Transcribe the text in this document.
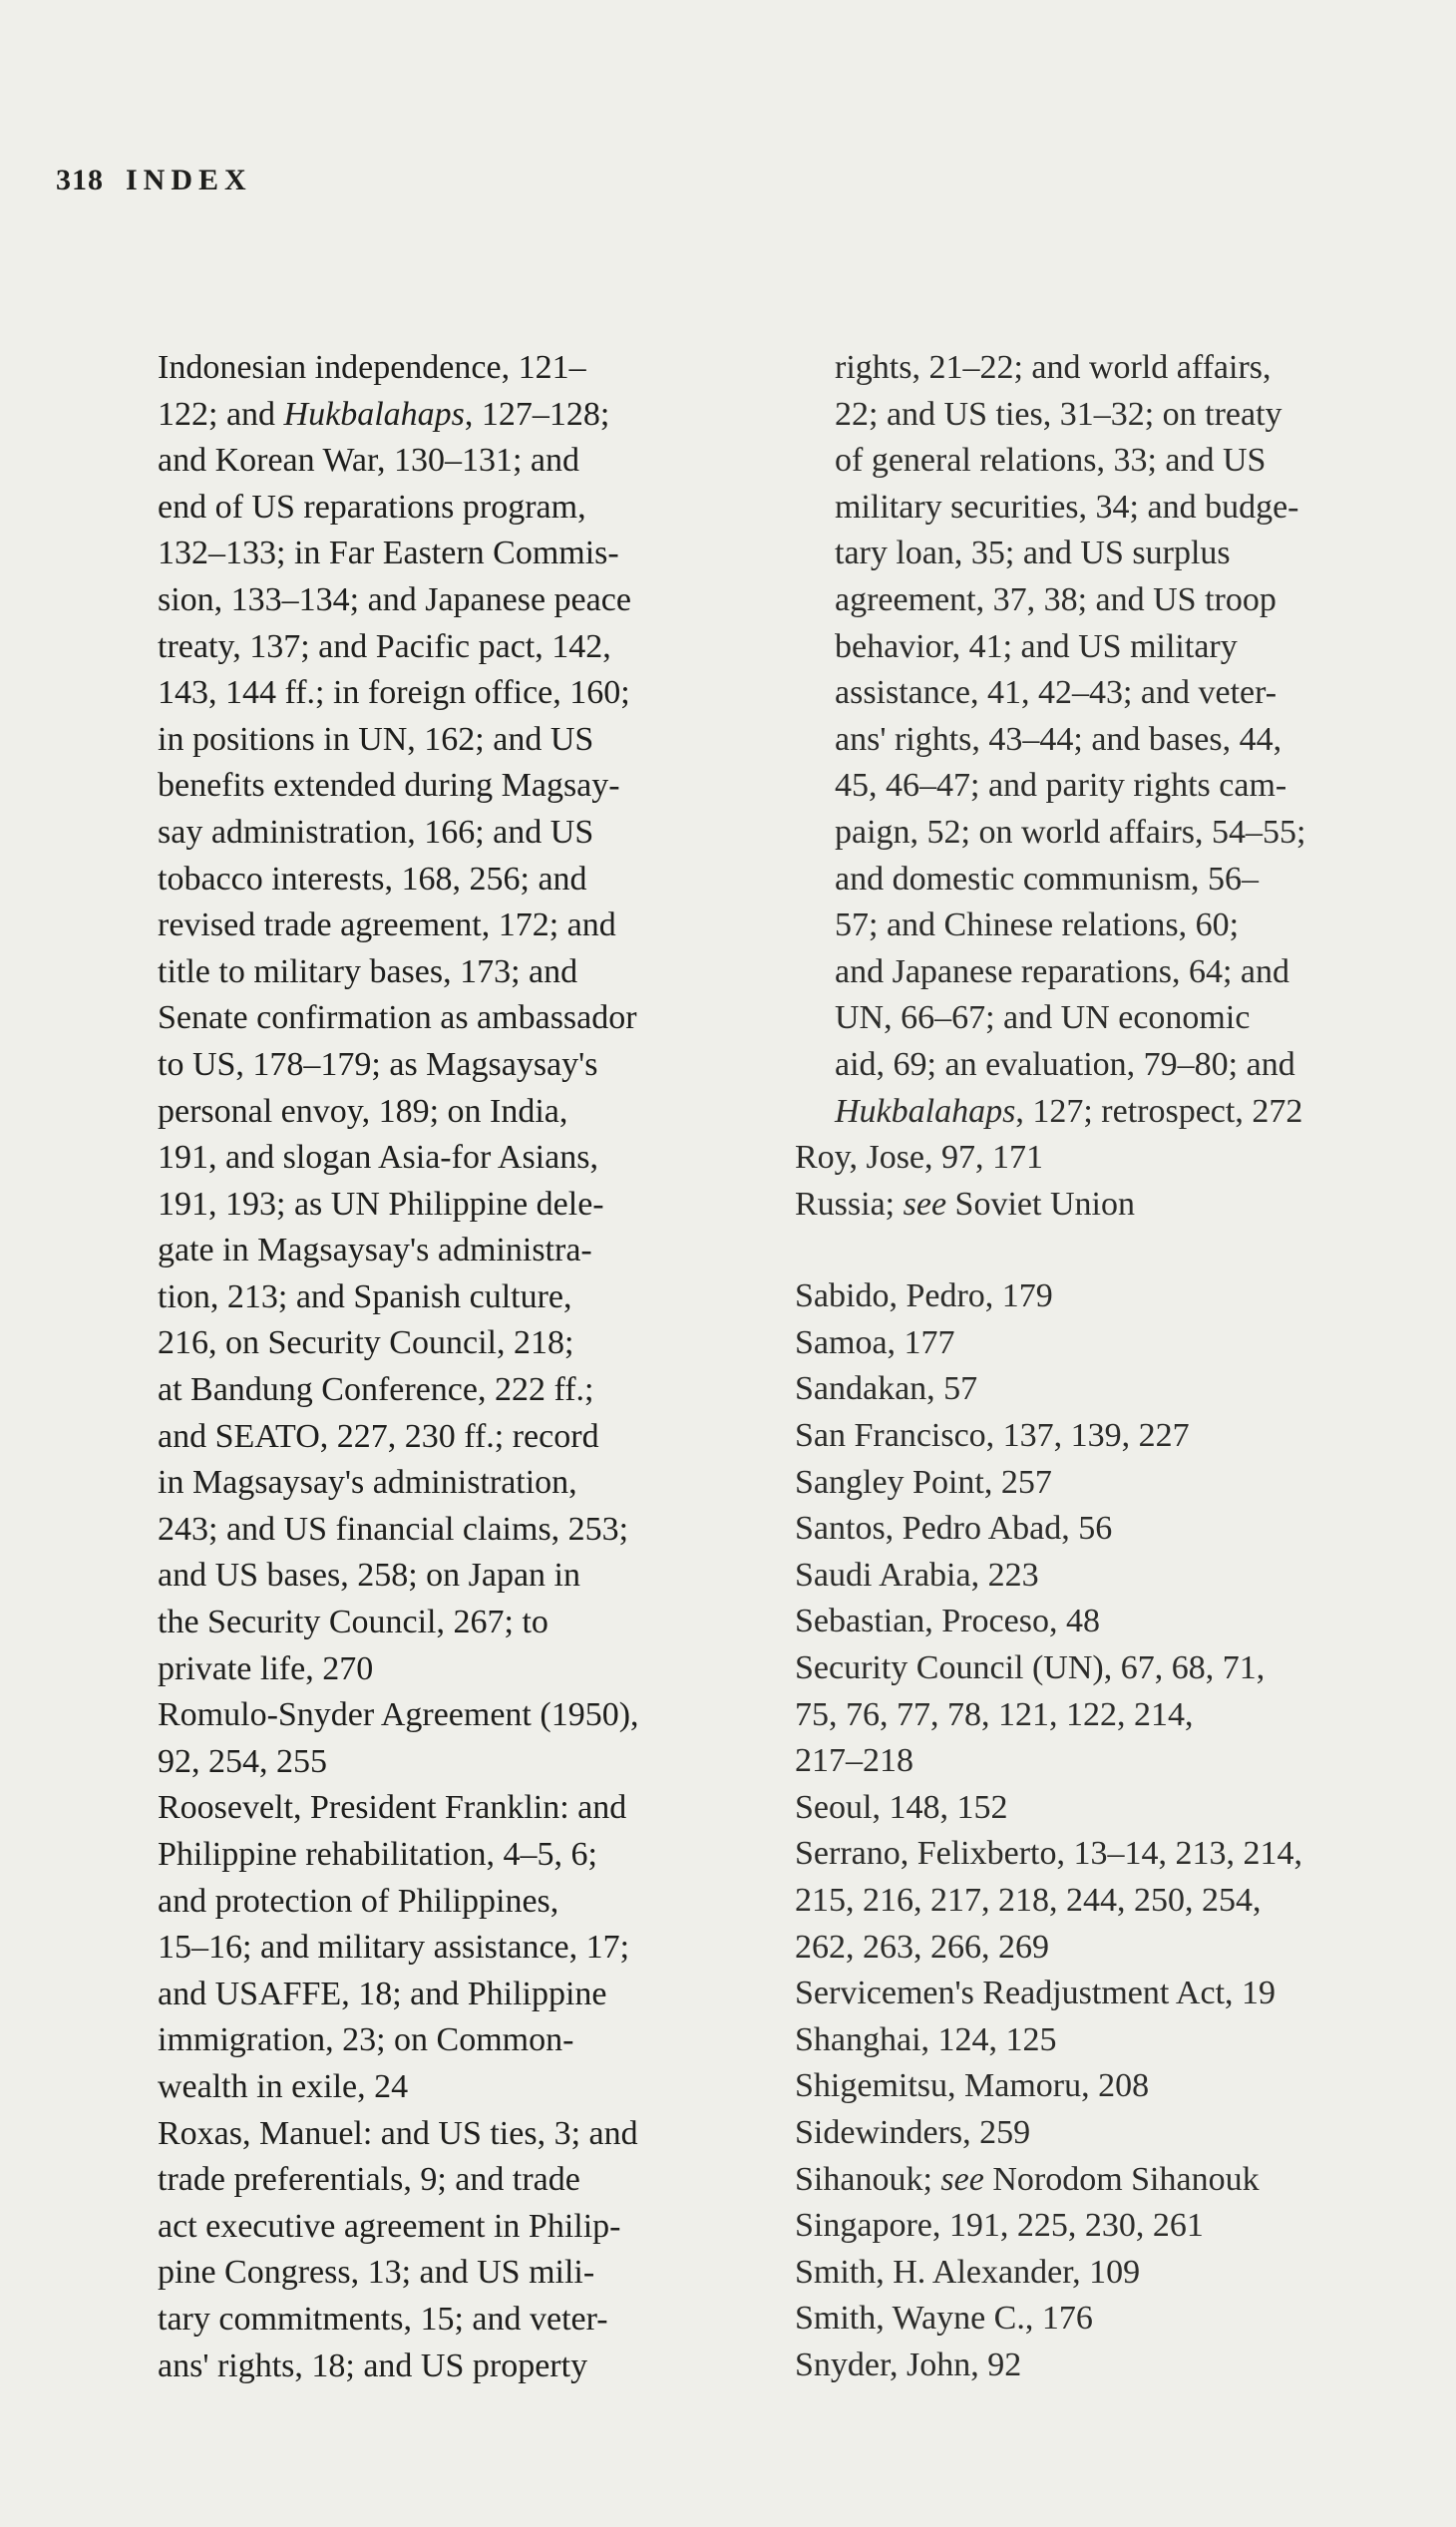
318 INDEX
Indonesian independence, 121–
122; and Hukbalahaps, 127–128;
and Korean War, 130–131; and
end of US reparations program,
132–133; in Far Eastern Commis-
sion, 133–134; and Japanese peace
treaty, 137; and Pacific pact, 142,
143, 144 ff.; in foreign office, 160;
in positions in UN, 162; and US
benefits extended during Magsay-
say administration, 166; and US
tobacco interests, 168, 256; and
revised trade agreement, 172; and
title to military bases, 173; and
Senate confirmation as ambassador
to US, 178–179; as Magsaysay's
personal envoy, 189; on India,
191, and slogan Asia-for Asians,
191, 193; as UN Philippine dele-
gate in Magsaysay's administra-
tion, 213; and Spanish culture,
216, on Security Council, 218;
at Bandung Conference, 222 ff.;
and SEATO, 227, 230 ff.; record
in Magsaysay's administration,
243; and US financial claims, 253;
and US bases, 258; on Japan in
the Security Council, 267; to
private life, 270
Romulo-Snyder Agreement (1950),
92, 254, 255
Roosevelt, President Franklin: and
Philippine rehabilitation, 4–5, 6;
and protection of Philippines,
15–16; and military assistance, 17;
and USAFFE, 18; and Philippine
immigration, 23; on Common-
wealth in exile, 24
Roxas, Manuel: and US ties, 3; and
trade preferentials, 9; and trade
act executive agreement in Philip-
pine Congress, 13; and US mili-
tary commitments, 15; and veter-
ans' rights, 18; and US property
rights, 21–22; and world affairs,
22; and US ties, 31–32; on treaty
of general relations, 33; and US
military securities, 34; and budge-
tary loan, 35; and US surplus
agreement, 37, 38; and US troop
behavior, 41; and US military
assistance, 41, 42–43; and veter-
ans' rights, 43–44; and bases, 44,
45, 46–47; and parity rights cam-
paign, 52; on world affairs, 54–55;
and domestic communism, 56–
57; and Chinese relations, 60;
and Japanese reparations, 64; and
UN, 66–67; and UN economic
aid, 69; an evaluation, 79–80; and
Hukbalahaps, 127; retrospect, 272
Roy, Jose, 97, 171
Russia; see Soviet Union
Sabido, Pedro, 179
Samoa, 177
Sandakan, 57
San Francisco, 137, 139, 227
Sangley Point, 257
Santos, Pedro Abad, 56
Saudi Arabia, 223
Sebastian, Proceso, 48
Security Council (UN), 67, 68, 71,
75, 76, 77, 78, 121, 122, 214,
217–218
Seoul, 148, 152
Serrano, Felixberto, 13–14, 213, 214,
215, 216, 217, 218, 244, 250, 254,
262, 263, 266, 269
Servicemen's Readjustment Act, 19
Shanghai, 124, 125
Shigemitsu, Mamoru, 208
Sidewinders, 259
Sihanouk; see Norodom Sihanouk
Singapore, 191, 225, 230, 261
Smith, H. Alexander, 109
Smith, Wayne C., 176
Snyder, John, 92
